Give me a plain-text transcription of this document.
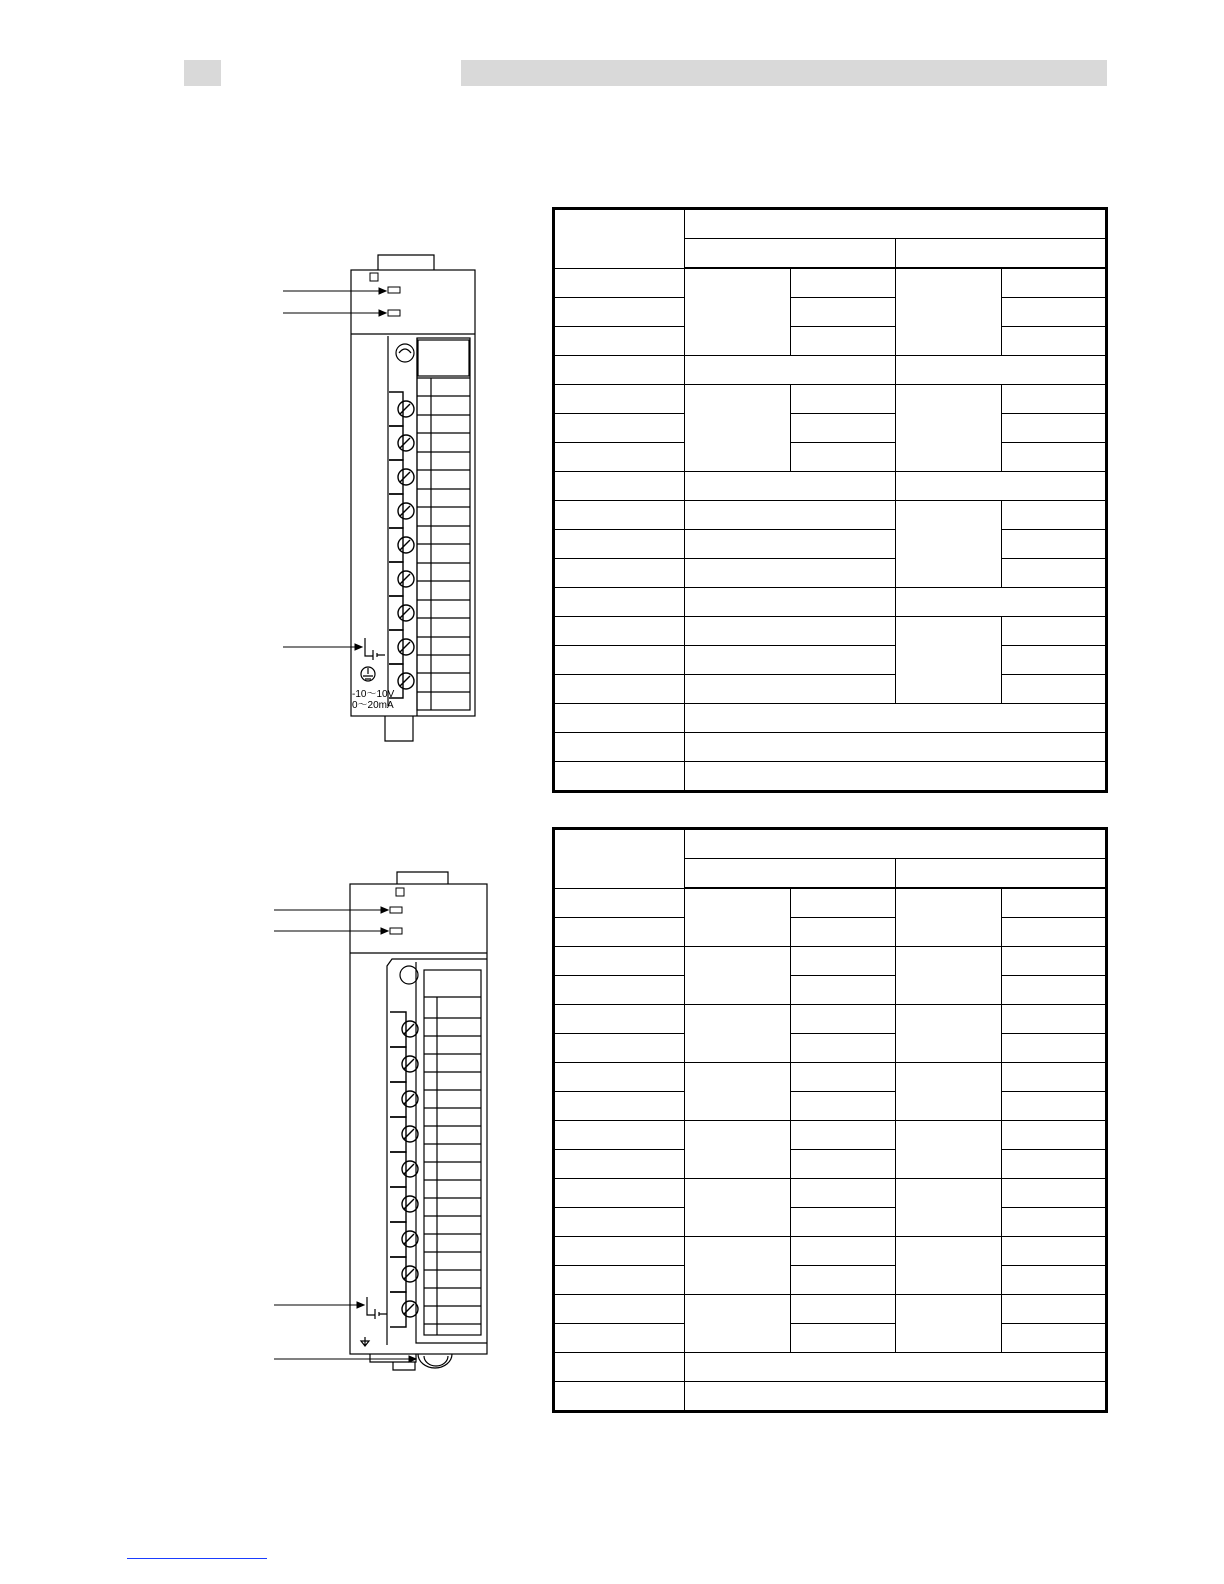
-10～10V
0～20mA
